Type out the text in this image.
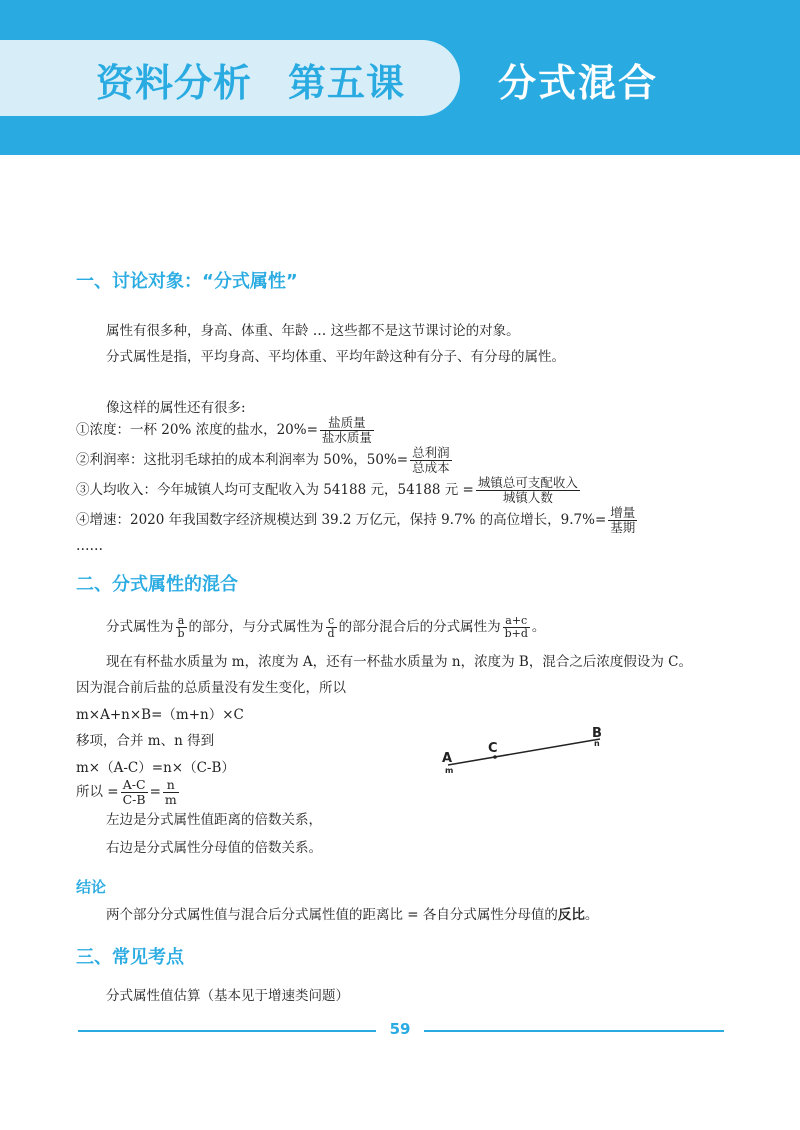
资料分析 第五课 分式混合
一、讨论对象：“分式属性”
属性有很多种，身高、体重、年龄 … 这些都不是这节课讨论的对象。
分式属性是指，平均身高、平均体重、平均年龄这种有分子、有分母的属性。
像这样的属性还有很多:
①浓度：一杯 20% 浓度的盐水，$20\%= \frac{\text{盐质量}}{\text{盐水质量}}$
②利润率：这批羽毛球拍的成本利润率为 50%，$50\%= \frac{\text{总利润}}{\text{总成本}}$
③人均收入：今年城镇人均可支配收入为 54188 元，54188 元 = $\frac{\text{城镇总可支配收入}}{\text{城镇人数}}$
④增速：2020 年我国数字经济规模达到 39.2 万亿元，保持 9.7% 的高位增长，$9.7\%= \frac{\text{增量}}{\text{基期}}$
……
二、分式属性的混合
分式属性为 $\frac{a}{b}$ 的部分，与分式属性为 $\frac{c}{d}$ 的部分混合后的分式属性为 $\frac{a+c}{b+d}$ 。
现在有杯盐水质量为 m，浓度为 A，还有一杯盐水质量为 n，浓度为 B，混合之后浓度假设为 C。
因为混合前后盐的总质量没有发生变化，所以
m×A+n×B=（m+n）×C
移项，合并 m、n 得到
m×（A-C）=n×（C-B）
所以 = $\frac{A-C}{C-B} = \frac{n}{m}$
左边是分式属性值距离的倍数关系，
右边是分式属性分母值的倍数关系。
A
m
C
B
n
结论
两个部分分式属性值与混合后分式属性值的距离比 = 各自分式属性分母值的反比。
三、常见考点
分式属性值估算（基本见于增速类问题）
59
